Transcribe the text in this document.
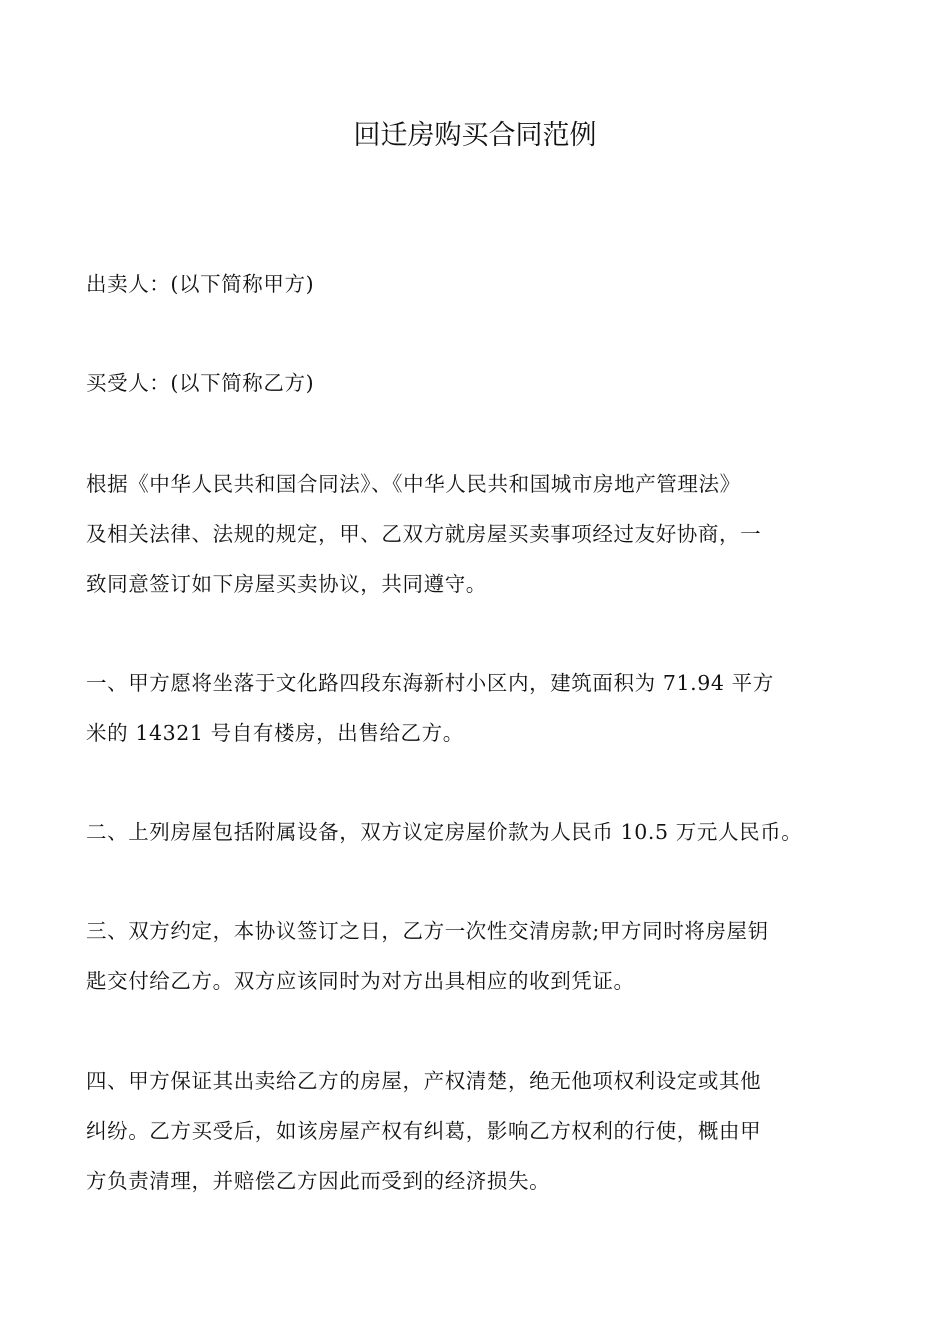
回迁房购买合同范例
出卖人：(以下简称甲方)
买受人：(以下简称乙方)
根据《中华人民共和国合同法》、《中华人民共和国城市房地产管理法》
及相关法律、法规的规定，甲、乙双方就房屋买卖事项经过友好协商，一
致同意签订如下房屋买卖协议，共同遵守。
一、甲方愿将坐落于文化路四段东海新村小区内，建筑面积为 71.94 平方
米的 14321 号自有楼房，出售给乙方。
二、上列房屋包括附属设备，双方议定房屋价款为人民币 10.5 万元人民币。
三、双方约定，本协议签订之日，乙方一次性交清房款;甲方同时将房屋钥
匙交付给乙方。双方应该同时为对方出具相应的收到凭证。
四、甲方保证其出卖给乙方的房屋，产权清楚，绝无他项权利设定或其他
纠纷。乙方买受后，如该房屋产权有纠葛，影响乙方权利的行使，概由甲
方负责清理，并赔偿乙方因此而受到的经济损失。
